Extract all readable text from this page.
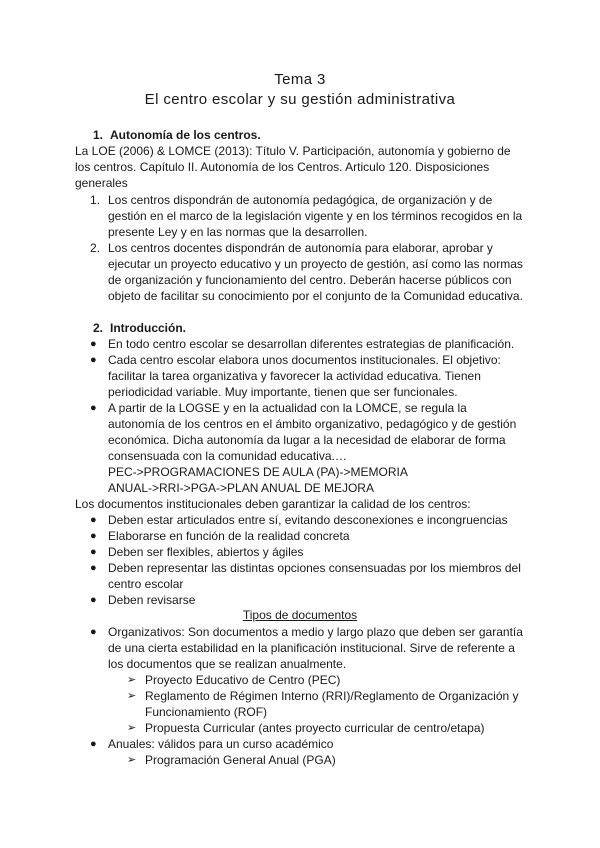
Tema 3
El centro escolar y su gestión administrativa
1. Autonomía de los centros.
La LOE (2006) & LOMCE (2013): Título V. Participación, autonomía y gobierno de
los centros. Capítulo II. Autonomía de los Centros. Articulo 120. Disposiciones
generales
1. Los centros dispondrán de autonomía pedagógica, de organización y de
gestión en el marco de la legislación vigente y en los términos recogidos en la
presente Ley y en las normas que la desarrollen.
2. Los centros docentes dispondrán de autonomía para elaborar, aprobar y
ejecutar un proyecto educativo y un proyecto de gestión, así como las normas
de organización y funcionamiento del centro. Deberán hacerse públicos con
objeto de facilitar su conocimiento por el conjunto de la Comunidad educativa.
2. Introducción.
● En todo centro escolar se desarrollan diferentes estrategias de planificación.
● Cada centro escolar elabora unos documentos institucionales. El objetivo:
facilitar la tarea organizativa y favorecer la actividad educativa. Tienen
periodicidad variable. Muy importante, tienen que ser funcionales.
● A partir de la LOGSE y en la actualidad con la LOMCE, se regula la
autonomía de los centros en el ámbito organizativo, pedagógico y de gestión
económica. Dicha autonomía da lugar a la necesidad de elaborar de forma
consensuada con la comunidad educativa.…
PEC->PROGRAMACIONES DE AULA (PA)->MEMORIA
ANUAL->RRI->PGA->PLAN ANUAL DE MEJORA
Los documentos institucionales deben garantizar la calidad de los centros:
● Deben estar articulados entre sí, evitando desconexiones e incongruencias
● Elaborarse en función de la realidad concreta
● Deben ser flexibles, abiertos y ágiles
● Deben representar las distintas opciones consensuadas por los miembros del
centro escolar
● Deben revisarse
Tipos de documentos
● Organizativos: Son documentos a medio y largo plazo que deben ser garantía
de una cierta estabilidad en la planificación institucional. Sirve de referente a
los documentos que se realizan anualmente.
➢ Proyecto Educativo de Centro (PEC)
➢ Reglamento de Régimen Interno (RRI)/Reglamento de Organización y
Funcionamiento (ROF)
➢ Propuesta Curricular (antes proyecto curricular de centro/etapa)
● Anuales: válidos para un curso académico
➢ Programación General Anual (PGA)
